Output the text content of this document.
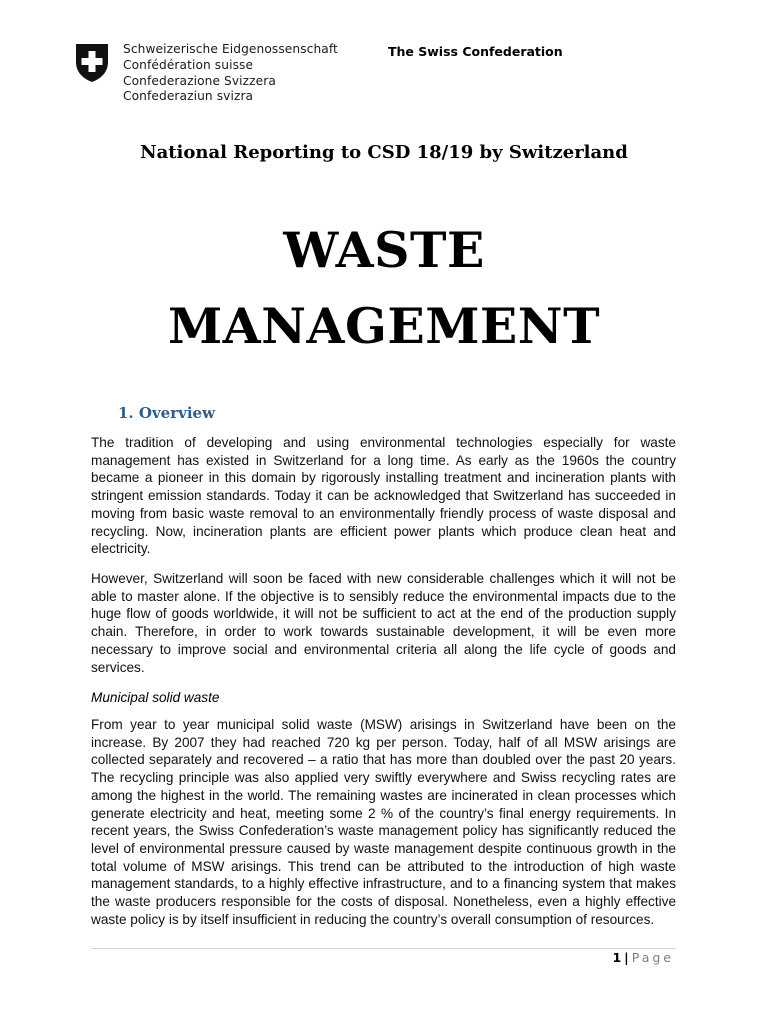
Schweizerische Eidgenossenschaft
Confédération suisse
Confederazione Svizzera
Confederaziun svizra
The Swiss Confederation
National Reporting to CSD 18/19 by Switzerland
WASTE
MANAGEMENT
1. Overview
The tradition of developing and using environmental technologies especially for waste management has existed in Switzerland for a long time. As early as the 1960s the country became a pioneer in this domain by rigorously installing treatment and incineration plants with stringent emission standards. Today it can be acknowledged that Switzerland has succeeded in moving from basic waste removal to an environmentally friendly process of waste disposal and recycling. Now, incineration plants are efficient power plants which produce clean heat and electricity.
However, Switzerland will soon be faced with new considerable challenges which it will not be able to master alone. If the objective is to sensibly reduce the environmental impacts due to the huge flow of goods worldwide, it will not be sufficient to act at the end of the production supply chain. Therefore, in order to work towards sustainable development, it will be even more necessary to improve social and environmental criteria all along the life cycle of goods and services.
Municipal solid waste
From year to year municipal solid waste (MSW) arisings in Switzerland have been on the increase. By 2007 they had reached 720 kg per person. Today, half of all MSW arisings are collected separately and recovered – a ratio that has more than doubled over the past 20 years. The recycling principle was also applied very swiftly everywhere and Swiss recycling rates are among the highest in the world. The remaining wastes are incinerated in clean processes which generate electricity and heat, meeting some 2 % of the country’s final energy requirements. In recent years, the Swiss Confederation’s waste management policy has significantly reduced the level of environmental pressure caused by waste management despite continuous growth in the total volume of MSW arisings. This trend can be attributed to the introduction of high waste management standards, to a highly effective infrastructure, and to a financing system that makes the waste producers responsible for the costs of disposal. Nonetheless, even a highly effective waste policy is by itself insufficient in reducing the country’s overall consumption of resources.
1 | Page
